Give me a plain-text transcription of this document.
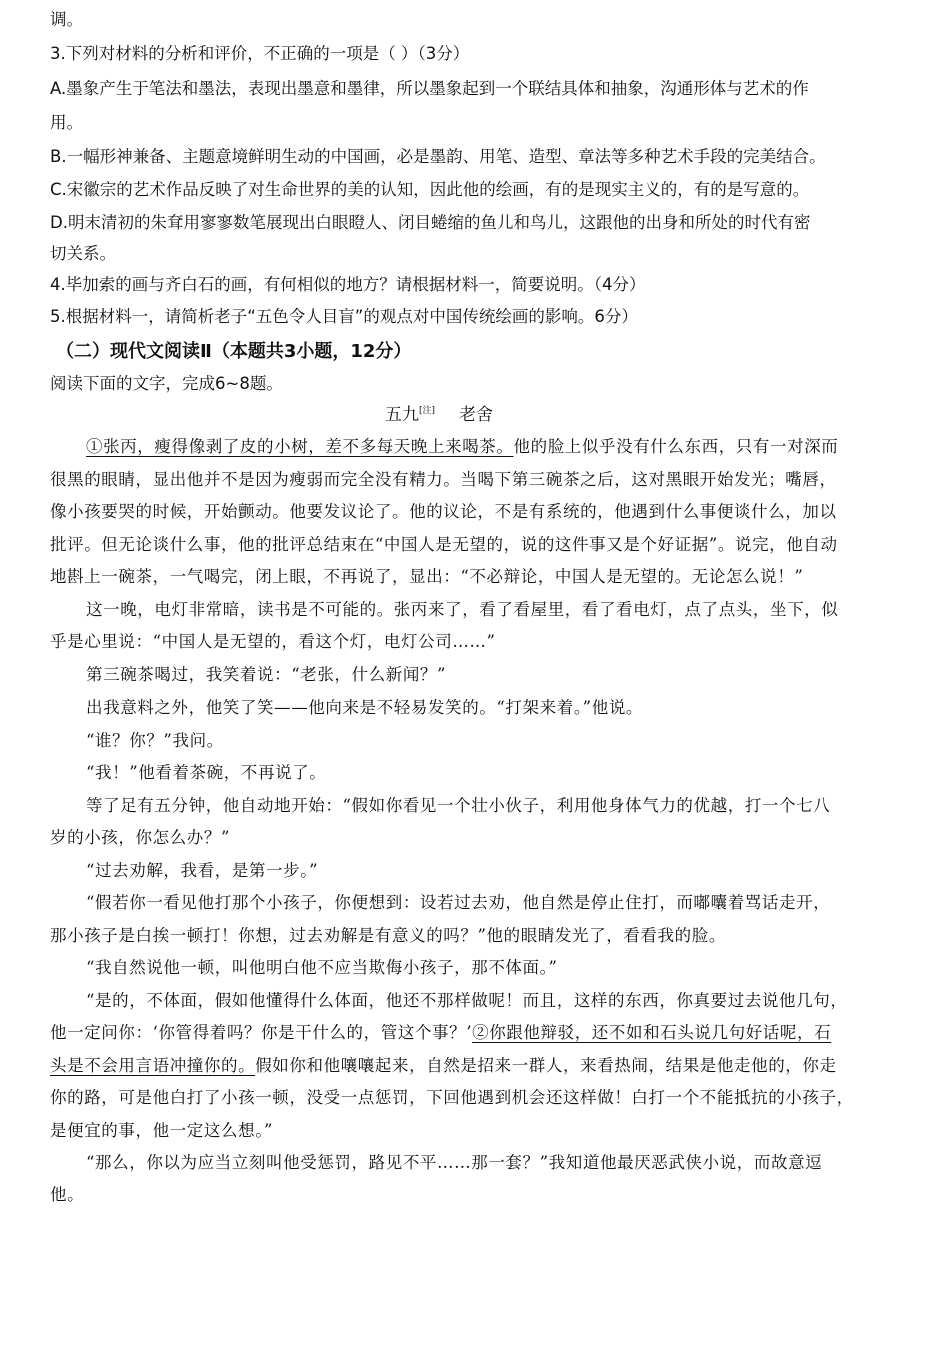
调。
3.下列对材料的分析和评价，不正确的一项是（ ）（3分）
A.墨象产生于笔法和墨法，表现出墨意和墨律，所以墨象起到一个联结具体和抽象，沟通形体与艺术的作
用。
B.一幅形神兼备、主题意境鲜明生动的中国画，必是墨韵、用笔、造型、章法等多种艺术手段的完美结合。
C.宋徽宗的艺术作品反映了对生命世界的美的认知，因此他的绘画，有的是现实主义的，有的是写意的。
D.明末清初的朱耷用寥寥数笔展现出白眼瞪人、闭目蜷缩的鱼儿和鸟儿，这跟他的出身和所处的时代有密
切关系。
4.毕加索的画与齐白石的画，有何相似的地方？请根据材料一，简要说明。（4分）
5.根据材料一，请简析老子“五色令人目盲”的观点对中国传统绘画的影响。6分）
（二）现代文阅读Ⅱ（本题共3小题，12分）
阅读下面的文字，完成6~8题。
五九[注] 老舍
①张丙，瘦得像剥了皮的小树，差不多每天晚上来喝茶。他的脸上似乎没有什么东西，只有一对深而
很黑的眼睛，显出他并不是因为瘦弱而完全没有精力。当喝下第三碗茶之后，这对黑眼开始发光；嘴唇，
像小孩要哭的时候，开始颤动。他要发议论了。他的议论，不是有系统的，他遇到什么事便谈什么，加以
批评。但无论谈什么事，他的批评总结束在“中国人是无望的，说的这件事又是个好证据”。说完，他自动
地斟上一碗茶，一气喝完，闭上眼，不再说了，显出：“不必辩论，中国人是无望的。无论怎么说！”
这一晚，电灯非常暗，读书是不可能的。张丙来了，看了看屋里，看了看电灯，点了点头，坐下，似
乎是心里说：“中国人是无望的，看这个灯，电灯公司……”
第三碗茶喝过，我笑着说：“老张，什么新闻？”
出我意料之外，他笑了笑——他向来是不轻易发笑的。“打架来着。”他说。
“谁？你？”我问。
“我！”他看着茶碗，不再说了。
等了足有五分钟，他自动地开始：“假如你看见一个壮小伙子，利用他身体气力的优越，打一个七八
岁的小孩，你怎么办？”
“过去劝解，我看，是第一步。”
“假若你一看见他打那个小孩子，你便想到：设若过去劝，他自然是停止住打，而嘟囔着骂话走开，
那小孩子是白挨一顿打！你想，过去劝解是有意义的吗？”他的眼睛发光了，看看我的脸。
“我自然说他一顿，叫他明白他不应当欺侮小孩子，那不体面。”
“是的，不体面，假如他懂得什么体面，他还不那样做呢！而且，这样的东西，你真要过去说他几句，
他一定问你：‘你管得着吗？你是干什么的，管这个事？’②你跟他辩驳，还不如和石头说几句好话呢，石
头是不会用言语冲撞你的。假如你和他嚷嚷起来，自然是招来一群人，来看热闹，结果是他走他的，你走
你的路，可是他白打了小孩一顿，没受一点惩罚，下回他遇到机会还这样做！白打一个不能抵抗的小孩子，
是便宜的事，他一定这么想。”
“那么，你以为应当立刻叫他受惩罚，路见不平……那一套？”我知道他最厌恶武侠小说，而故意逗
他。
